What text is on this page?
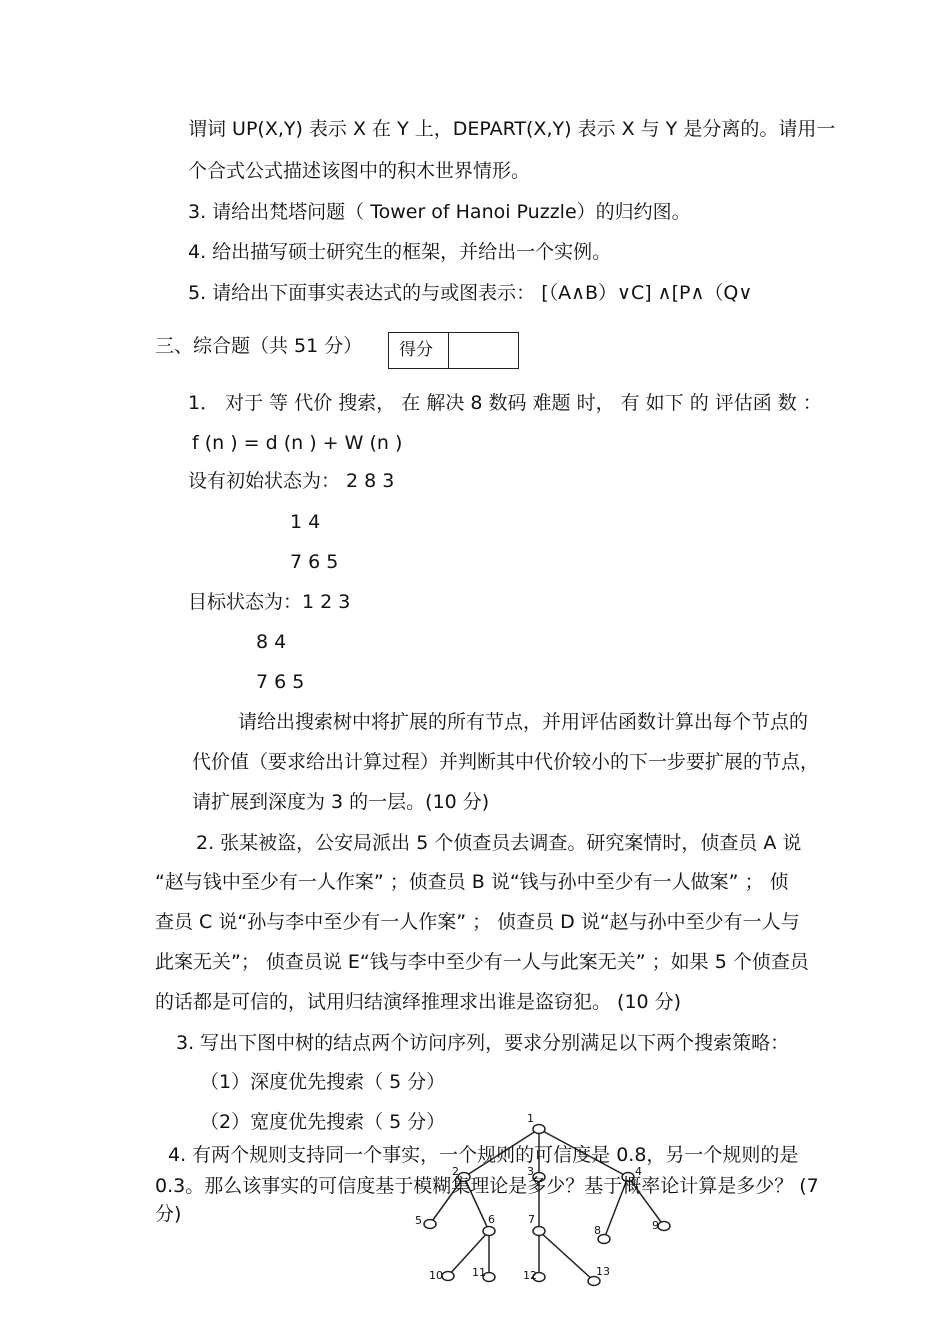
谓词 UP(X,Y) 表示 X 在 Y 上，DEPART(X,Y) 表示 X 与 Y 是分离的。请用一
个合式公式描述该图中的积木世界情形。
3. 请给出梵塔问题（ Tower of Hanoi Puzzle）的归约图。
4. 给出描写硕士研究生的框架，并给出一个实例。
5. 请给出下面事实表达式的与或图表示： [（A∧B）∨C] ∧[P∧（Q∨
三、综合题（共 51 分）	得分
1． 对于 等 代价 搜索， 在 解决 8 数码 难题 时， 有 如下 的 评估函 数 ：
f (n ) = d (n ) + W (n )
设有初始状态为： 2 8 3
1 4
7 6 5
目标状态为：1 2 3
8 4
7 6 5
请给出搜索树中将扩展的所有节点，并用评估函数计算出每个节点的
代价值（要求给出计算过程）并判断其中代价较小的下一步要扩展的节点，
请扩展到深度为 3 的一层。(10 分)
2. 张某被盗，公安局派出 5 个侦查员去调查。研究案情时，侦查员 A 说
“赵与钱中至少有一人作案” ；侦查员 B 说“钱与孙中至少有一人做案” ； 侦
查员 C 说“孙与李中至少有一人作案” ； 侦查员 D 说“赵与孙中至少有一人与
此案无关”； 侦查员说 E“钱与李中至少有一人与此案无关” ；如果 5 个侦查员
的话都是可信的，试用归结演绎推理求出谁是盗窃犯。 (10 分)
3. 写出下图中树的结点两个访问序列，要求分别满足以下两个搜索策略：
（1）深度优先搜索（ 5 分）
（2）宽度优先搜索（ 5 分）	1
2	3	4
5	6	7
8	9
10	11	12	13
4. 有两个规则支持同一个事实，一个规则的可信度是 0.8，另一个规则的是
0.3。那么该事实的可信度基于模糊集理论是多少？基于概率论计算是多少？ (7
分)
